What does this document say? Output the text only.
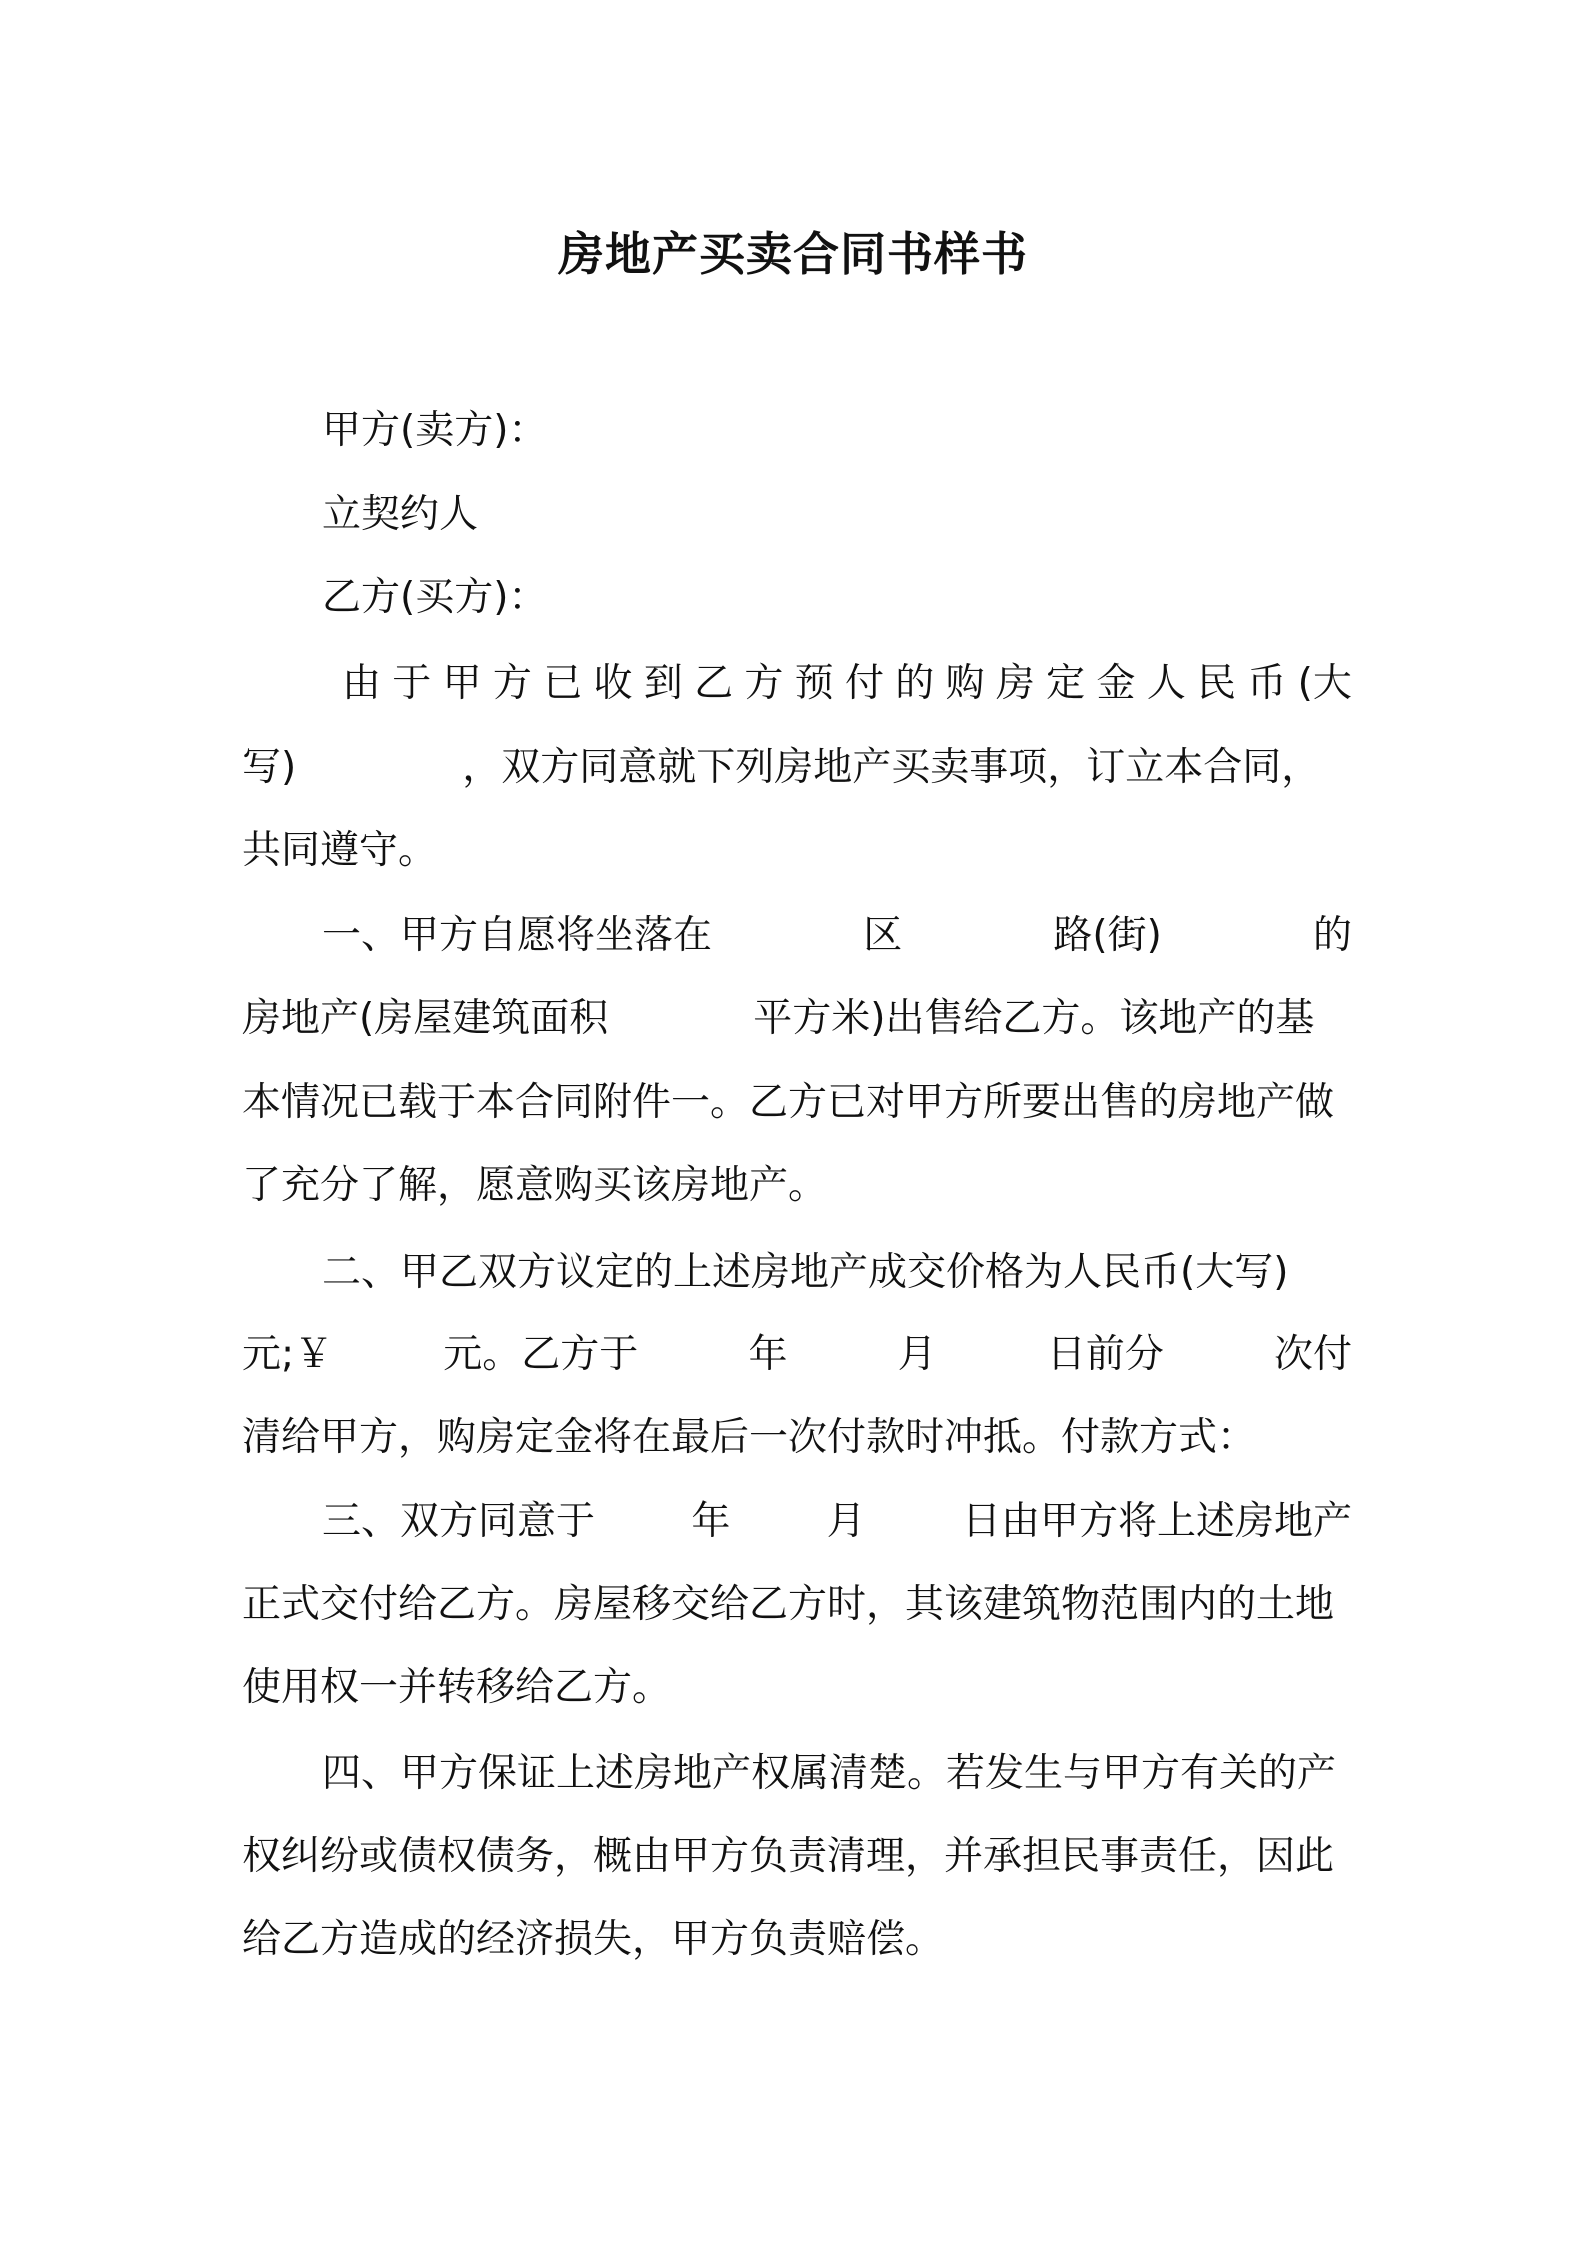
房地产买卖合同书样书
甲方(卖方)：
立契约人
乙方(买方)：
由 于 甲 方 已 收 到 乙 方 预 付 的 购 房 定 金 人 民 币 (大
写)	，双方同意就下列房地产买卖事项，订立本合同，
共同遵守。
一、甲方自愿将坐落在	区	路(街)	的
房地产(房屋建筑面积	平方米)出售给乙方。该地产的基
本情况已载于本合同附件一。乙方已对甲方所要出售的房地产做
了充分了解，愿意购买该房地产。
二、甲乙双方议定的上述房地产成交价格为人民币(大写)
元;￥	元。乙方于	年	月	日前分	次付
清给甲方，购房定金将在最后一次付款时冲抵。付款方式：
三、双方同意于 年 月 日由甲方将上述房地产
正式交付给乙方。房屋移交给乙方时，其该建筑物范围内的土地
使用权一并转移给乙方。
四、甲方保证上述房地产权属清楚。若发生与甲方有关的产
权纠纷或债权债务，概由甲方负责清理，并承担民事责任，因此
给乙方造成的经济损失，甲方负责赔偿。
